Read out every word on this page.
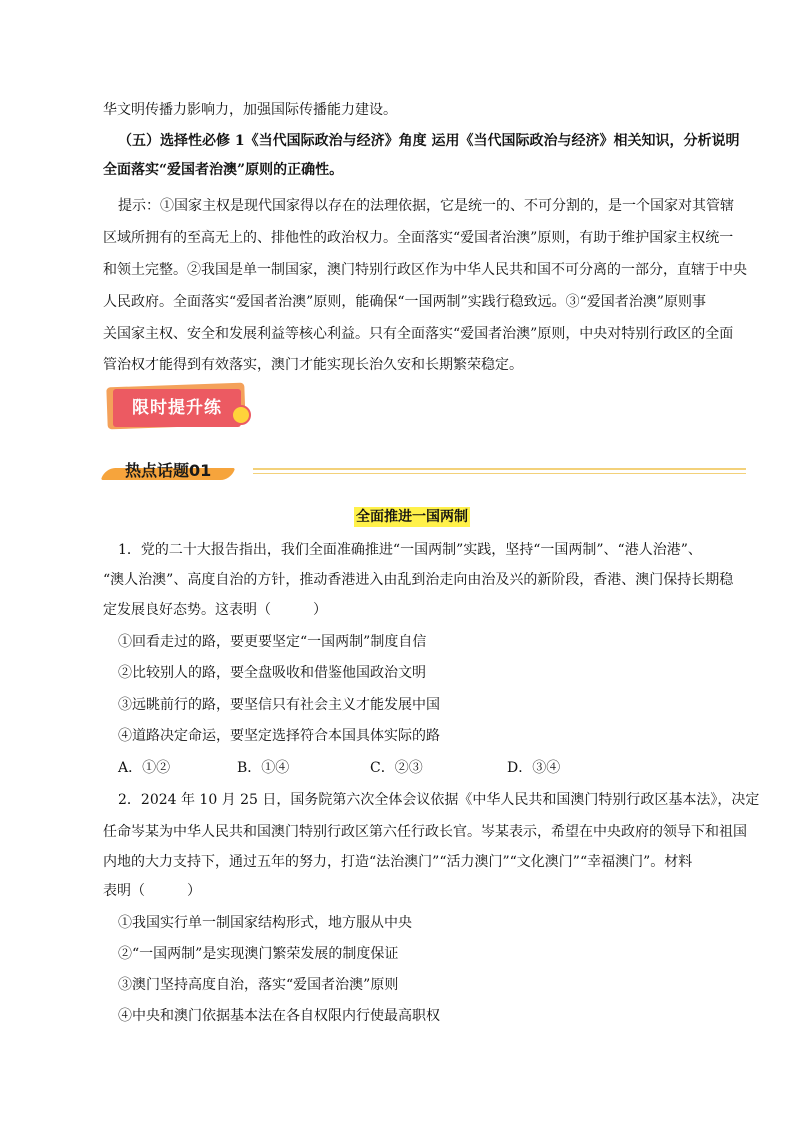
华文明传播力影响力，加强国际传播能力建设。
（五）选择性必修 1《当代国际政治与经济》角度 运用《当代国际政治与经济》相关知识，分析说明
全面落实“爱国者治澳”原则的正确性。
提示：①国家主权是现代国家得以存在的法理依据，它是统一的、不可分割的，是一个国家对其管辖
区域所拥有的至高无上的、排他性的政治权力。全面落实“爱国者治澳”原则，有助于维护国家主权统一
和领土完整。②我国是单一制国家，澳门特别行政区作为中华人民共和国不可分离的一部分，直辖于中央
人民政府。全面落实“爱国者治澳”原则，能确保“一国两制”实践行稳致远。③“爱国者治澳”原则事
关国家主权、安全和发展利益等核心利益。只有全面落实“爱国者治澳”原则，中央对特别行政区的全面
管治权才能得到有效落实，澳门才能实现长治久安和长期繁荣稳定。
限时提升练
热点话题01
全面推进一国两制
1．党的二十大报告指出，我们全面准确推进“一国两制”实践，坚持“一国两制”、“港人治港”、
“澳人治澳”、高度自治的方针，推动香港进入由乱到治走向由治及兴的新阶段，香港、澳门保持长期稳
定发展良好态势。这表明（　　　）
①回看走过的路，要更要坚定“一国两制”制度自信
②比较别人的路，要全盘吸收和借鉴他国政治文明
③远眺前行的路，要坚信只有社会主义才能发展中国
④道路决定命运，要坚定选择符合本国具体实际的路
A．①②	B．①④	C．②③	D．③④
2．2024 年 10 月 25 日，国务院第六次全体会议依据《中华人民共和国澳门特别行政区基本法》，决定
任命岑某为中华人民共和国澳门特别行政区第六任行政长官。岑某表示，希望在中央政府的领导下和祖国
内地的大力支持下，通过五年的努力，打造“法治澳门”“活力澳门”“文化澳门”“幸福澳门”。材料
表明（　　　）
①我国实行单一制国家结构形式，地方服从中央
②“一国两制”是实现澳门繁荣发展的制度保证
③澳门坚持高度自治，落实“爱国者治澳”原则
④中央和澳门依据基本法在各自权限内行使最高职权
